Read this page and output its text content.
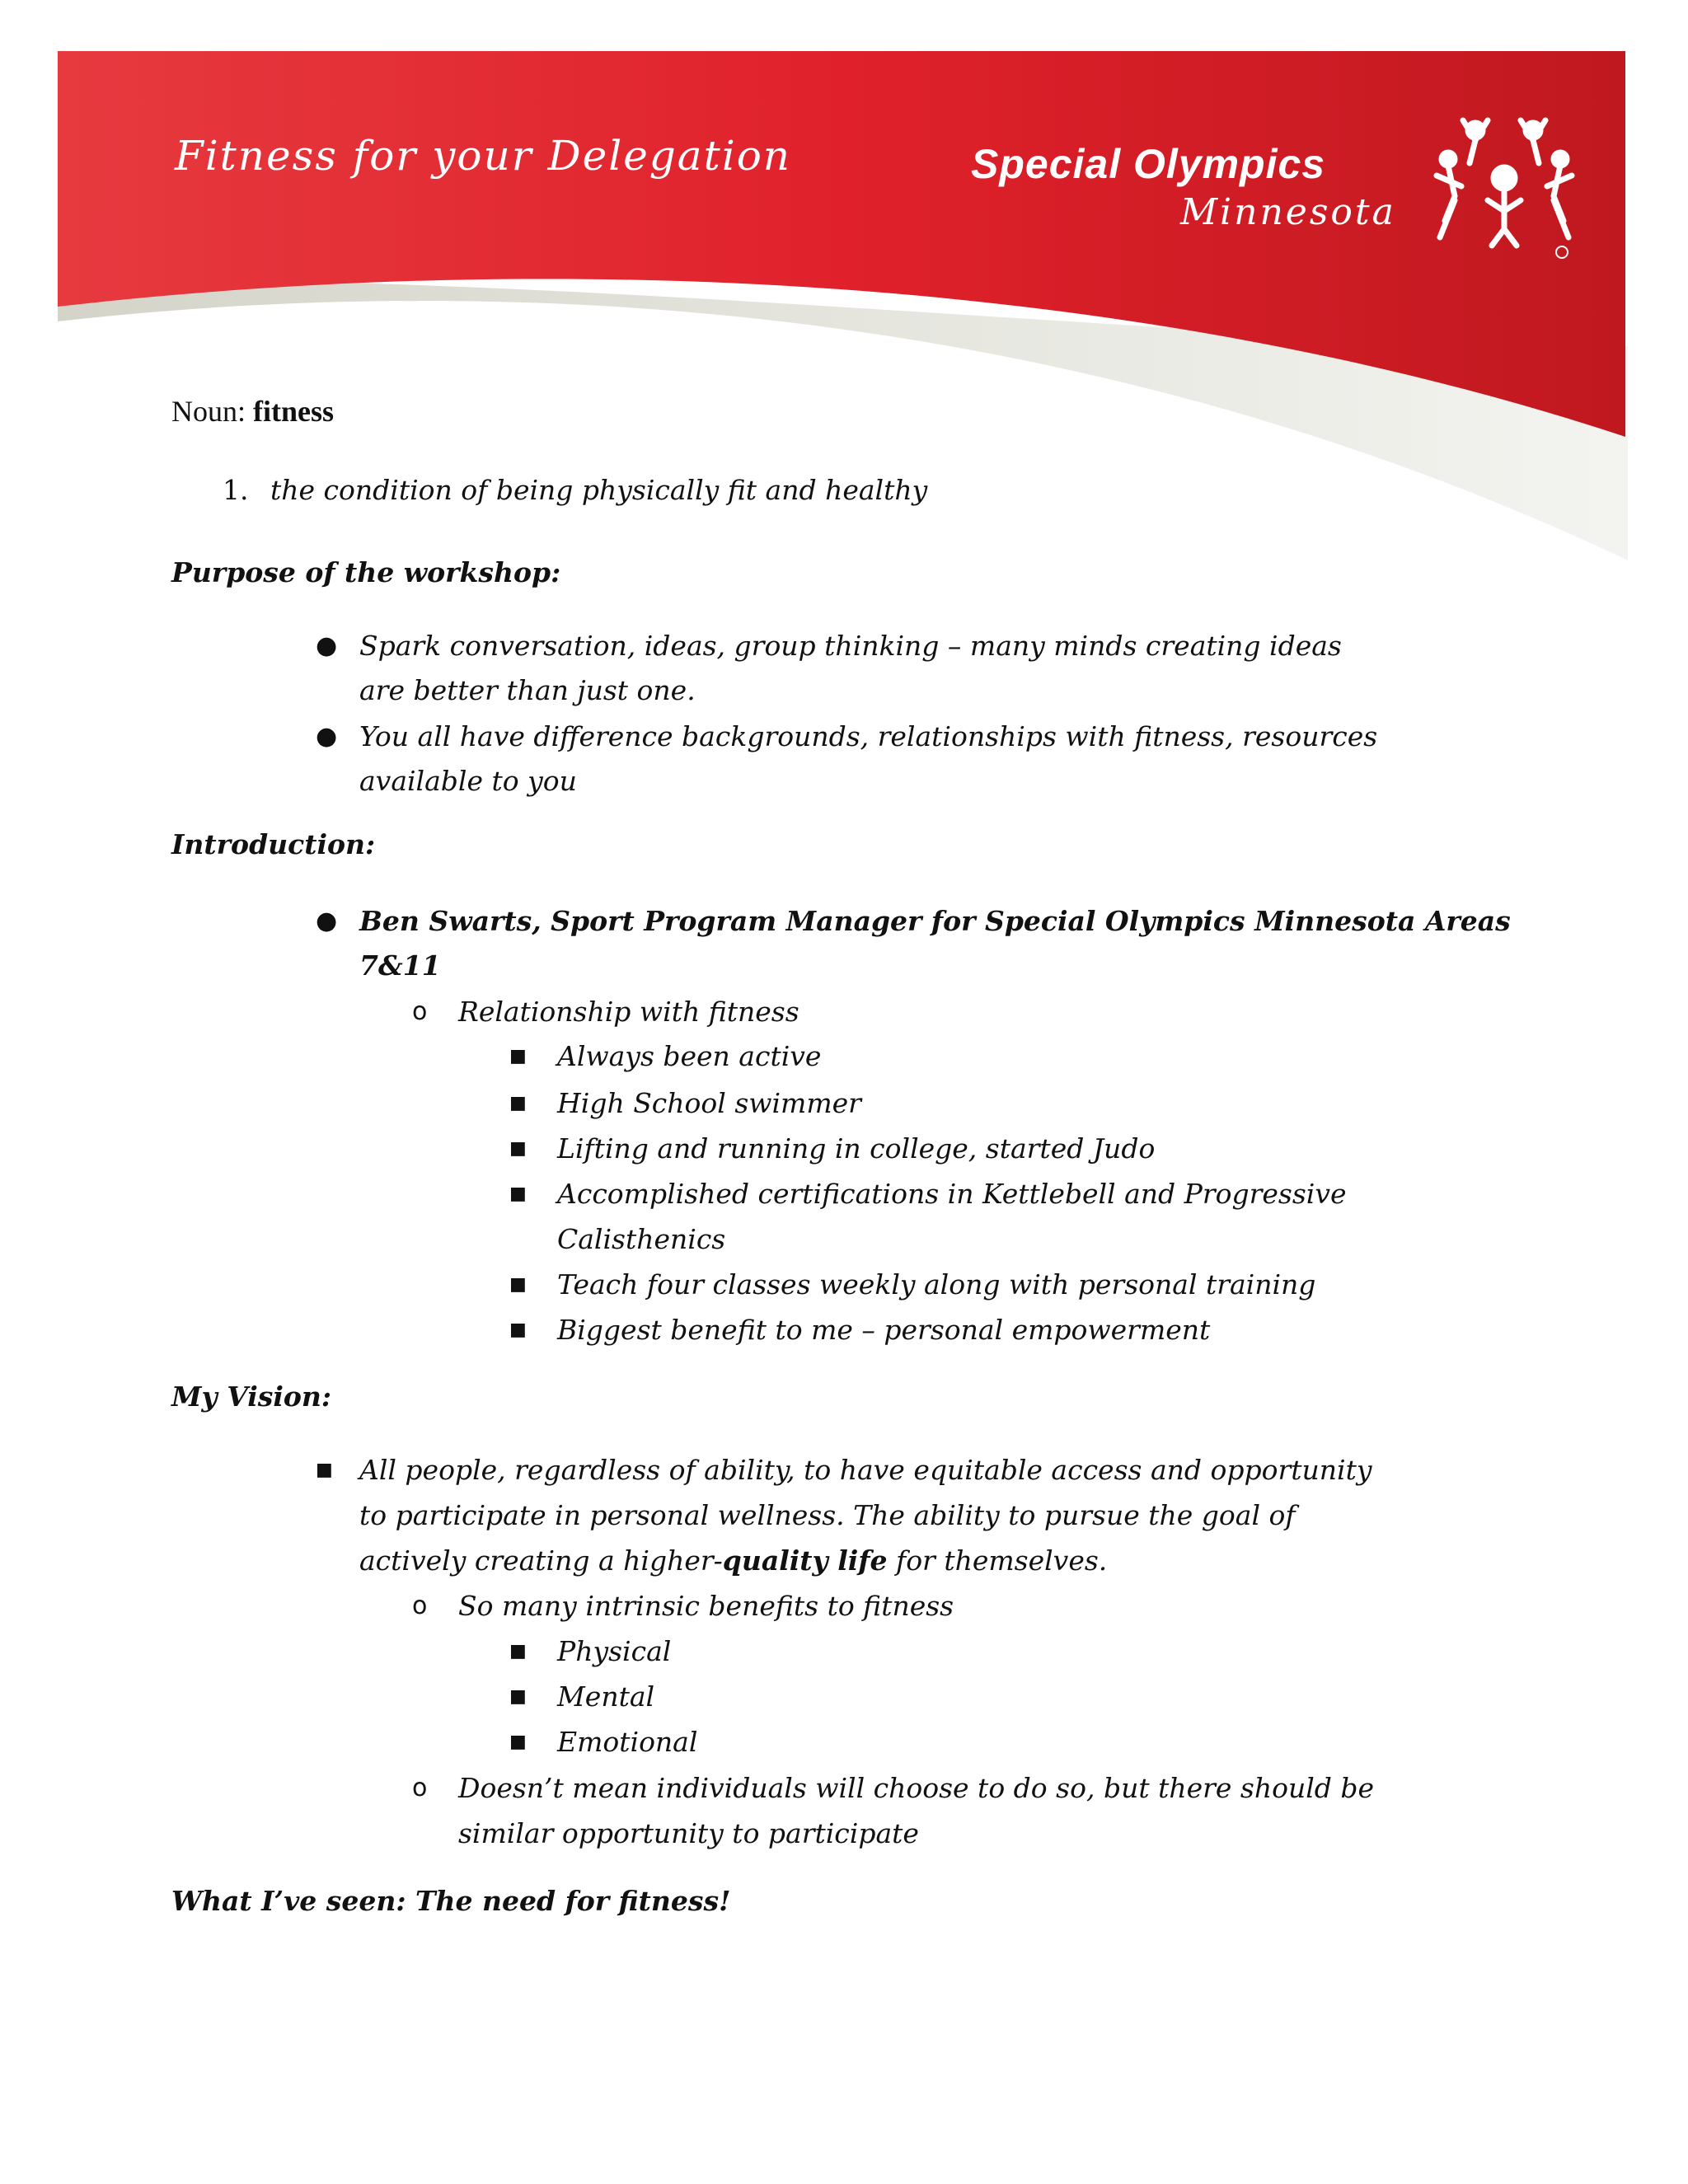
Fitness for your Delegation	Special Olympics
Minnesota
Noun: fitness
1. the condition of being physically fit and healthy
Purpose of the workshop:
● Spark conversation, ideas, group thinking – many minds creating ideas
are better than just one.
● You all have difference backgrounds, relationships with fitness, resources
available to you
Introduction:
● Ben Swarts, Sport Program Manager for Special Olympics Minnesota Areas
7&11
o Relationship with fitness
■ Always been active
■ High School swimmer
■ Lifting and running in college, started Judo
■ Accomplished certifications in Kettlebell and Progressive
Calisthenics
■ Teach four classes weekly along with personal training
■ Biggest benefit to me – personal empowerment
My Vision:
■ All people, regardless of ability, to have equitable access and opportunity
to participate in personal wellness. The ability to pursue the goal of
actively creating a higher-quality life for themselves.
o So many intrinsic benefits to fitness
■ Physical
■ Mental
■ Emotional
o Doesn’t mean individuals will choose to do so, but there should be
similar opportunity to participate
What I’ve seen: The need for fitness!
